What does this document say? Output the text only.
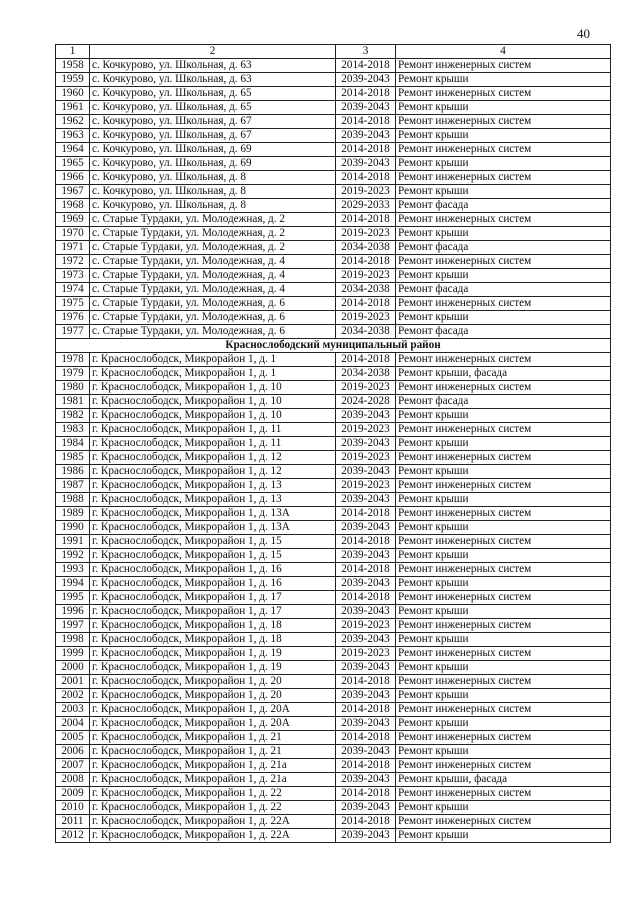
40
1	2	3	4
1958	с. Кочкурово, ул. Школьная, д. 63	2014-2018	Ремонт инженерных систем
1959	с. Кочкурово, ул. Школьная, д. 63	2039-2043	Ремонт крыши
1960	с. Кочкурово, ул. Школьная, д. 65	2014-2018	Ремонт инженерных систем
1961	с. Кочкурово, ул. Школьная, д. 65	2039-2043	Ремонт крыши
1962	с. Кочкурово, ул. Школьная, д. 67	2014-2018	Ремонт инженерных систем
1963	с. Кочкурово, ул. Школьная, д. 67	2039-2043	Ремонт крыши
1964	с. Кочкурово, ул. Школьная, д. 69	2014-2018	Ремонт инженерных систем
1965	с. Кочкурово, ул. Школьная, д. 69	2039-2043	Ремонт крыши
1966	с. Кочкурово, ул. Школьная, д. 8	2014-2018	Ремонт инженерных систем
1967	с. Кочкурово, ул. Школьная, д. 8	2019-2023	Ремонт крыши
1968	с. Кочкурово, ул. Школьная, д. 8	2029-2033	Ремонт фасада
1969	с. Старые Турдаки, ул. Молодежная, д. 2	2014-2018	Ремонт инженерных систем
1970	с. Старые Турдаки, ул. Молодежная, д. 2	2019-2023	Ремонт крыши
1971	с. Старые Турдаки, ул. Молодежная, д. 2	2034-2038	Ремонт фасада
1972	с. Старые Турдаки, ул. Молодежная, д. 4	2014-2018	Ремонт инженерных систем
1973	с. Старые Турдаки, ул. Молодежная, д. 4	2019-2023	Ремонт крыши
1974	с. Старые Турдаки, ул. Молодежная, д. 4	2034-2038	Ремонт фасада
1975	с. Старые Турдаки, ул. Молодежная, д. 6	2014-2018	Ремонт инженерных систем
1976	с. Старые Турдаки, ул. Молодежная, д. 6	2019-2023	Ремонт крыши
1977	с. Старые Турдаки, ул. Молодежная, д. 6	2034-2038	Ремонт фасада
Краснослободский муниципальный район			
1978	г. Краснослободск, Микрорайон 1, д. 1	2014-2018	Ремонт инженерных систем
1979	г. Краснослободск, Микрорайон 1, д. 1	2034-2038	Ремонт крыши, фасада
1980	г. Краснослободск, Микрорайон 1, д. 10	2019-2023	Ремонт инженерных систем
1981	г. Краснослободск, Микрорайон 1, д. 10	2024-2028	Ремонт фасада
1982	г. Краснослободск, Микрорайон 1, д. 10	2039-2043	Ремонт крыши
1983	г. Краснослободск, Микрорайон 1, д. 11	2019-2023	Ремонт инженерных систем
1984	г. Краснослободск, Микрорайон 1, д. 11	2039-2043	Ремонт крыши
1985	г. Краснослободск, Микрорайон 1, д. 12	2019-2023	Ремонт инженерных систем
1986	г. Краснослободск, Микрорайон 1, д. 12	2039-2043	Ремонт крыши
1987	г. Краснослободск, Микрорайон 1, д. 13	2019-2023	Ремонт инженерных систем
1988	г. Краснослободск, Микрорайон 1, д. 13	2039-2043	Ремонт крыши
1989	г. Краснослободск, Микрорайон 1, д. 13А	2014-2018	Ремонт инженерных систем
1990	г. Краснослободск, Микрорайон 1, д. 13А	2039-2043	Ремонт крыши
1991	г. Краснослободск, Микрорайон 1, д. 15	2014-2018	Ремонт инженерных систем
1992	г. Краснослободск, Микрорайон 1, д. 15	2039-2043	Ремонт крыши
1993	г. Краснослободск, Микрорайон 1, д. 16	2014-2018	Ремонт инженерных систем
1994	г. Краснослободск, Микрорайон 1, д. 16	2039-2043	Ремонт крыши
1995	г. Краснослободск, Микрорайон 1, д. 17	2014-2018	Ремонт инженерных систем
1996	г. Краснослободск, Микрорайон 1, д. 17	2039-2043	Ремонт крыши
1997	г. Краснослободск, Микрорайон 1, д. 18	2019-2023	Ремонт инженерных систем
1998	г. Краснослободск, Микрорайон 1, д. 18	2039-2043	Ремонт крыши
1999	г. Краснослободск, Микрорайон 1, д. 19	2019-2023	Ремонт инженерных систем
2000	г. Краснослободск, Микрорайон 1, д. 19	2039-2043	Ремонт крыши
2001	г. Краснослободск, Микрорайон 1, д. 20	2014-2018	Ремонт инженерных систем
2002	г. Краснослободск, Микрорайон 1, д. 20	2039-2043	Ремонт крыши
2003	г. Краснослободск, Микрорайон 1, д. 20А	2014-2018	Ремонт инженерных систем
2004	г. Краснослободск, Микрорайон 1, д. 20А	2039-2043	Ремонт крыши
2005	г. Краснослободск, Микрорайон 1, д. 21	2014-2018	Ремонт инженерных систем
2006	г. Краснослободск, Микрорайон 1, д. 21	2039-2043	Ремонт крыши
2007	г. Краснослободск, Микрорайон 1, д. 21а	2014-2018	Ремонт инженерных систем
2008	г. Краснослободск, Микрорайон 1, д. 21а	2039-2043	Ремонт крыши, фасада
2009	г. Краснослободск, Микрорайон 1, д. 22	2014-2018	Ремонт инженерных систем
2010	г. Краснослободск, Микрорайон 1, д. 22	2039-2043	Ремонт крыши
2011	г. Краснослободск, Микрорайон 1, д. 22А	2014-2018	Ремонт инженерных систем
2012	г. Краснослободск, Микрорайон 1, д. 22А	2039-2043	Ремонт крыши
